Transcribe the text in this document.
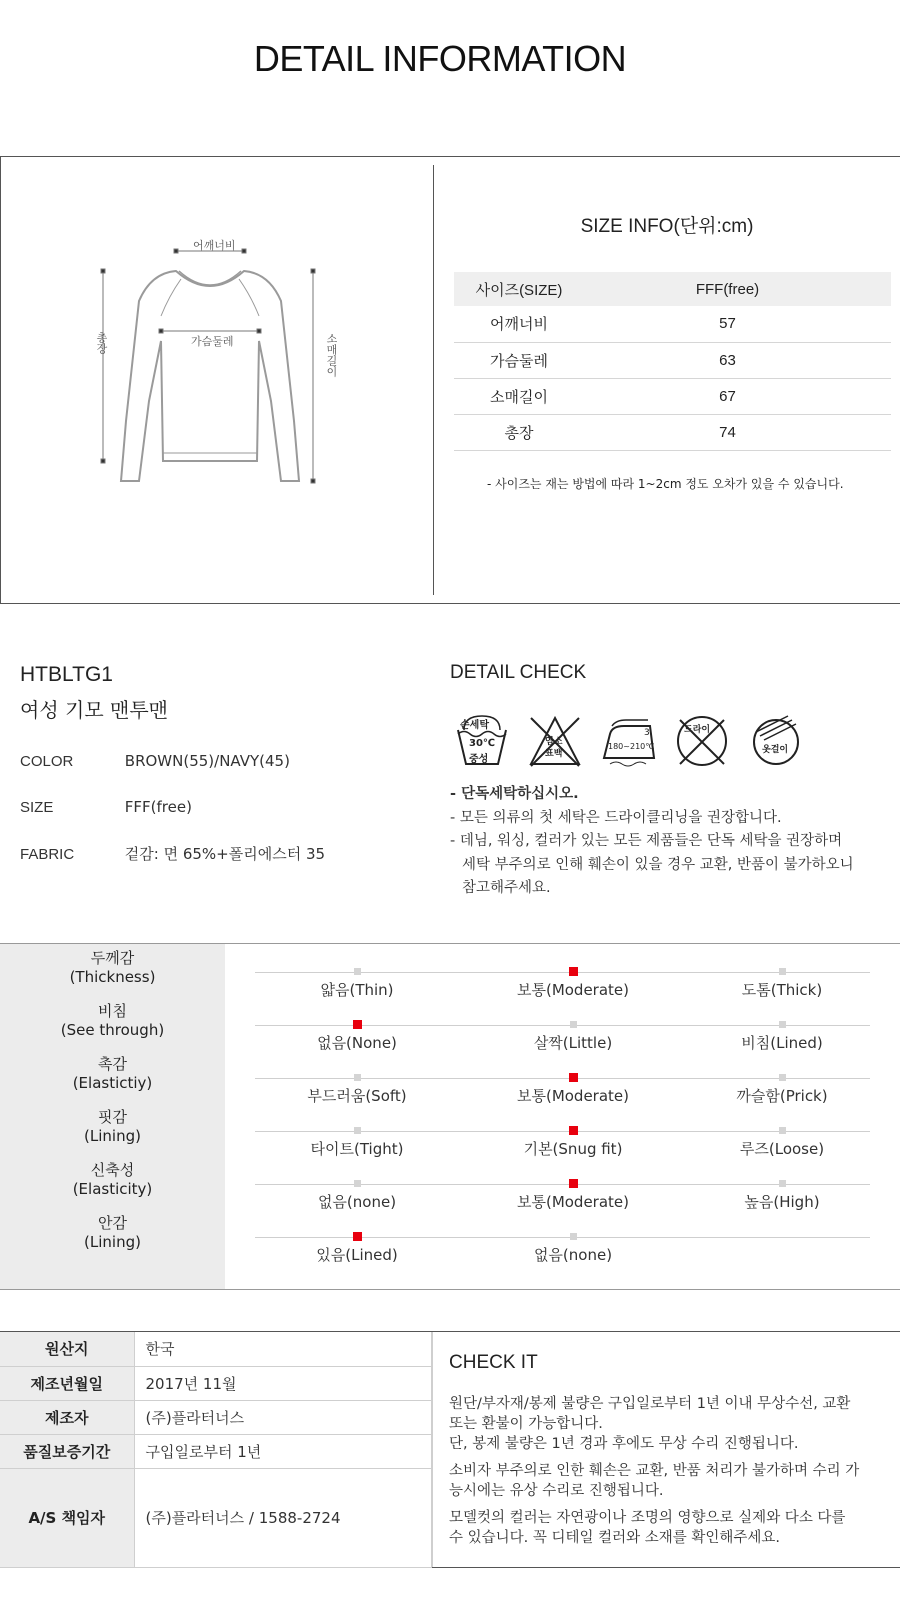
DETAIL INFORMATION
어깨너비
가슴둘레
총장	소매길이
SIZE INFO(단위:cm)
사이즈(SIZE)	FFF(free)
어깨너비	57
가슴둘레	63
소매길이	67
총장	74
- 사이즈는 재는 방법에 따라 1~2cm 정도 오차가 있을 수 있습니다.
HTBLTG1
여성 기모 맨투맨
COLOR	BROWN(55)/NAVY(45)
SIZE	FFF(free)
FABRIC	겉감: 면 65%+폴리에스터 35
DETAIL CHECK
손세탁
30℃
중성
염소
표백
3
180~210℃
드라이
옷걸이
- 단독세탁하십시오.
- 모든 의류의 첫 세탁은 드라이클리닝을 권장합니다.
- 데님, 워싱, 컬러가 있는 모든 제품들은 단독 세탁을 권장하며
세탁 부주의로 인해 훼손이 있을 경우 교환, 반품이 불가하오니
참고해주세요.
두께감
(Thickness)
얇음(Thin)	보통(Moderate)	도톰(Thick)
비침
(See through)
없음(None)	살짝(Little)	비침(Lined)
촉감
(Elastictiy)
부드러움(Soft)	보통(Moderate)	까슬함(Prick)
핏감
(Lining)
타이트(Tight)	기본(Snug fit)	루즈(Loose)
신축성
(Elasticity)
없음(none)	보통(Moderate)	높음(High)
안감
(Lining)
있음(Lined)	없음(none)
원산지	한국
제조년월일	2017년 11월
제조자	(주)플라터너스
품질보증기간	구입일로부터 1년
A/S 책임자	(주)플라터너스 / 1588-2724
CHECK IT

원단/부자재/봉제 불량은 구입일로부터 1년 이내 무상수선, 교환
또는 환불이 가능합니다.
단, 봉제 불량은 1년 경과 후에도 무상 수리 진행됩니다.

소비자 부주의로 인한 훼손은 교환, 반품 처리가 불가하며 수리 가
능시에는 유상 수리로 진행됩니다.

모델컷의 컬러는 자연광이나 조명의 영향으로 실제와 다소 다를
수 있습니다. 꼭 디테일 컬러와 소재를 확인해주세요.
